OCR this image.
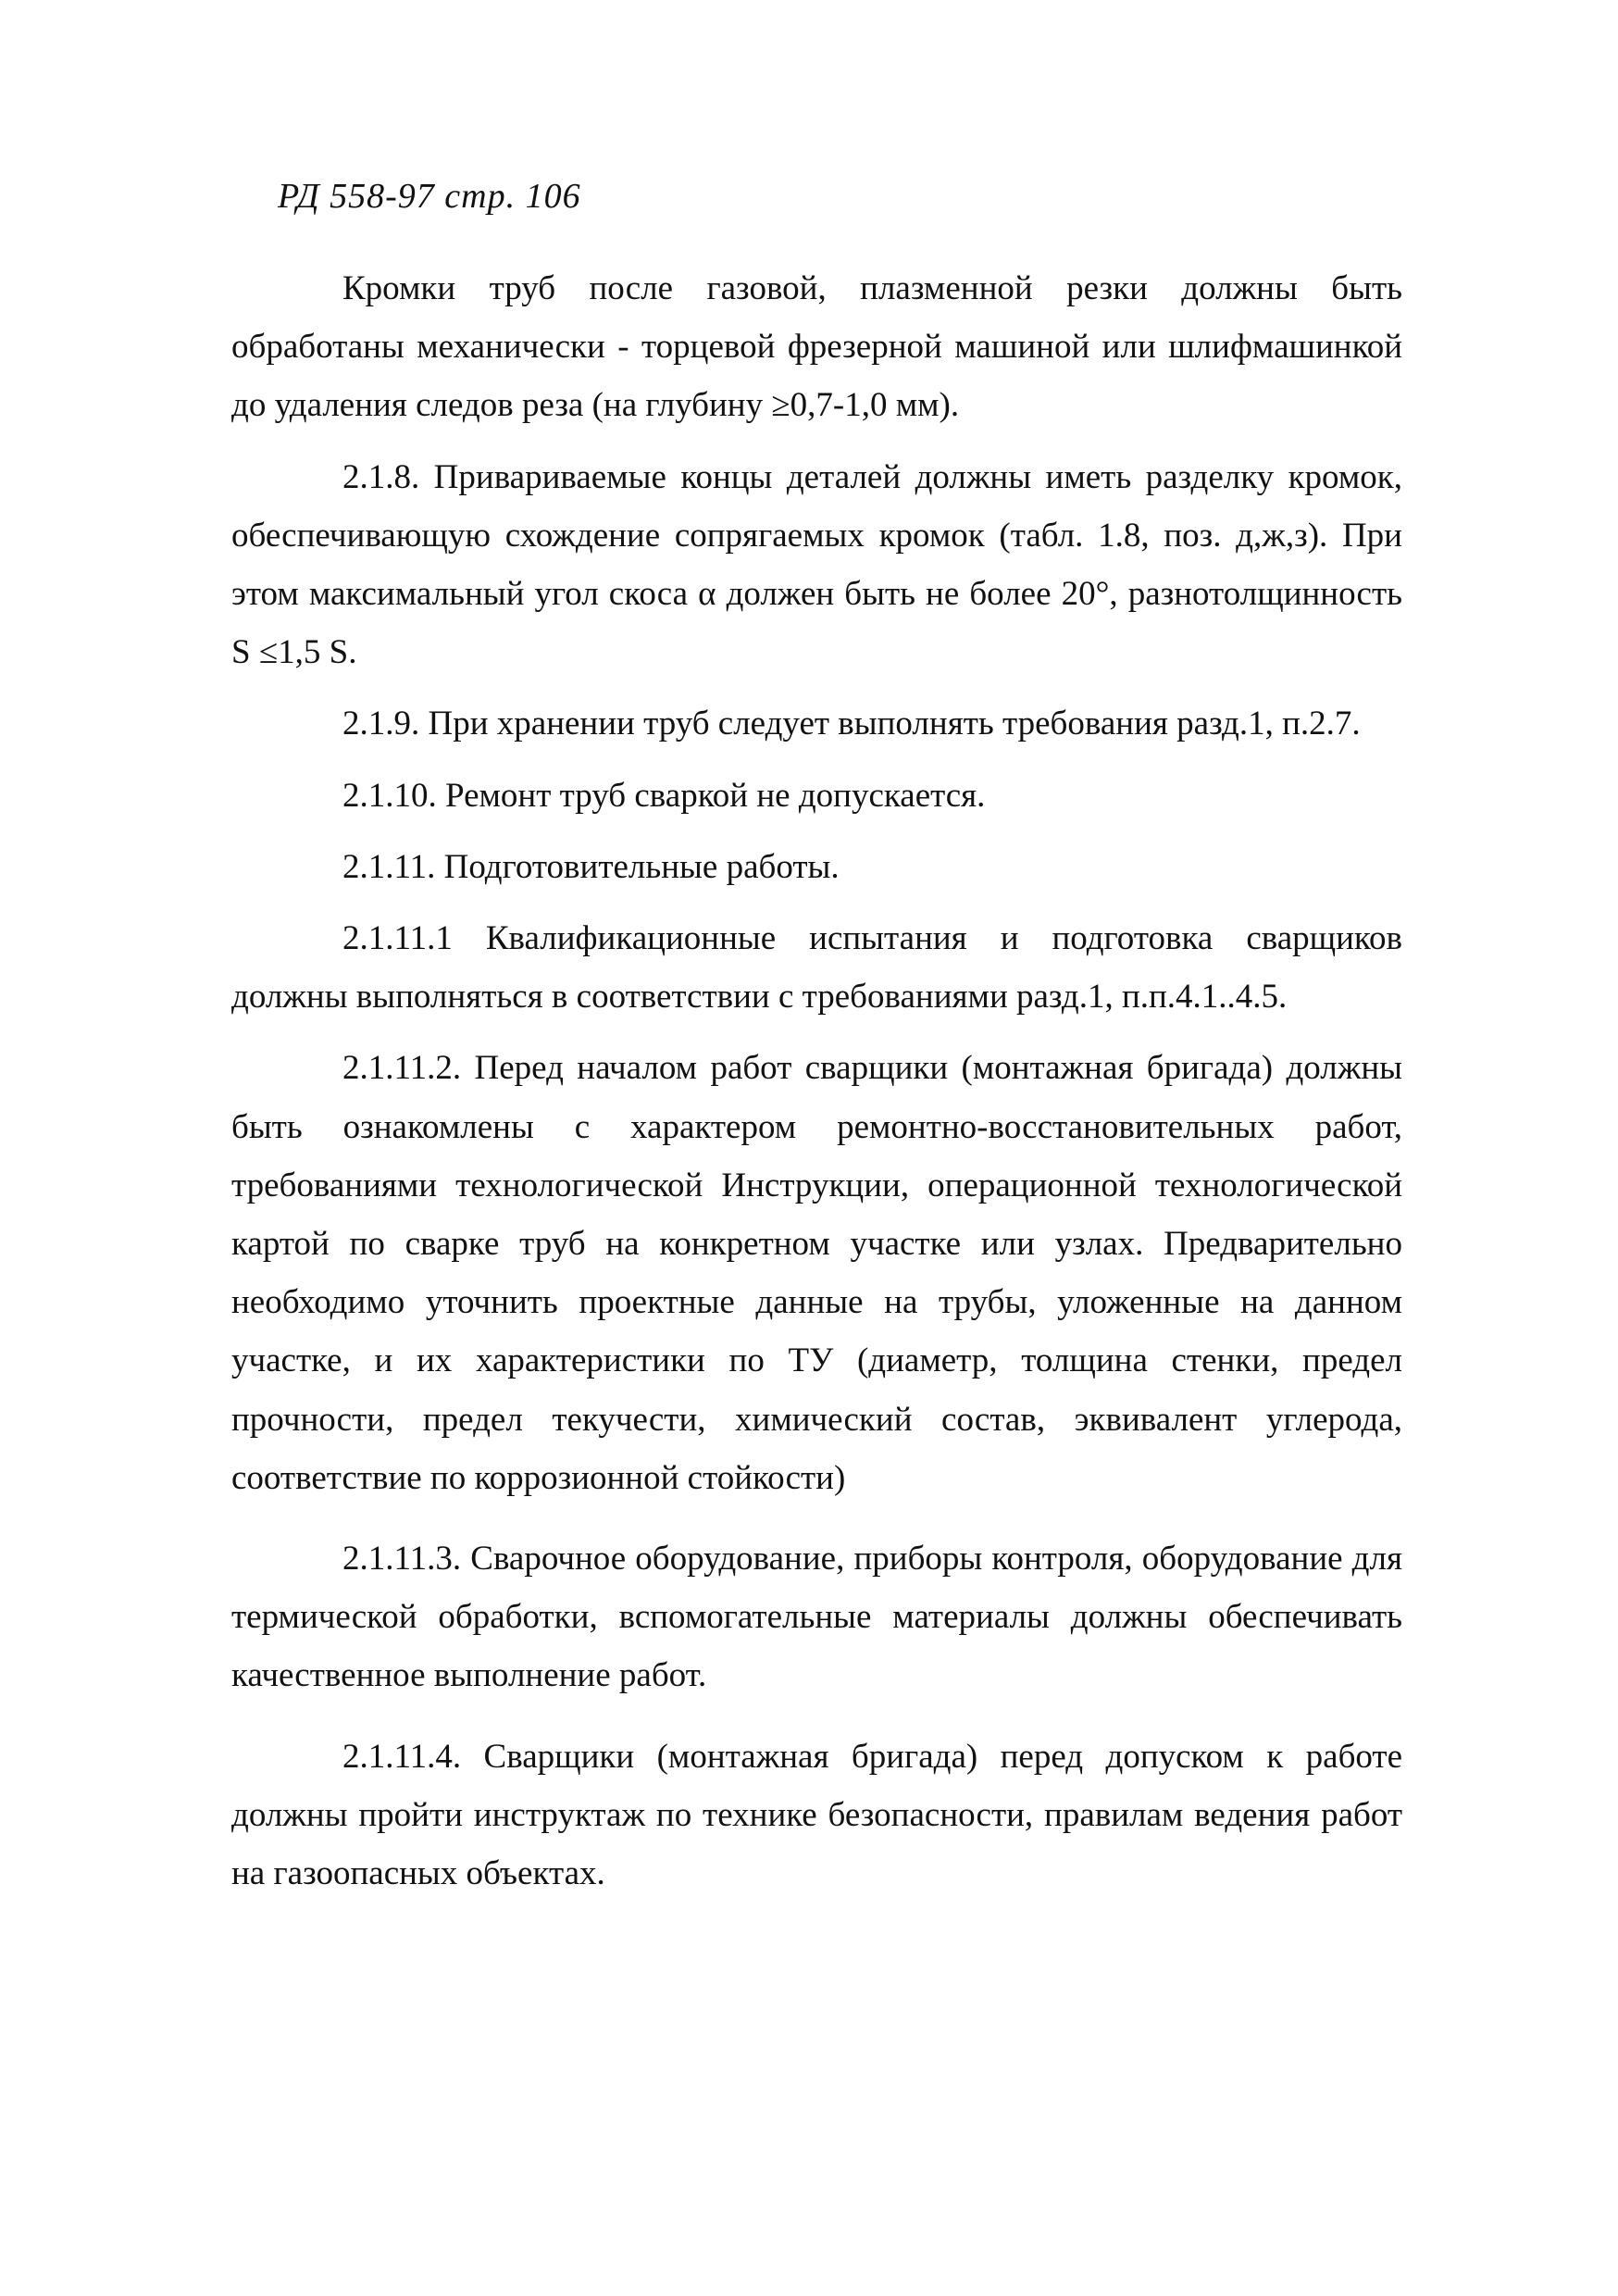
РД 558-97 стр. 106

Кромки труб после газовой, плазменной резки должны быть обработаны механически - торцевой фрезерной машиной или шлифмашинкой до удаления следов реза (на глубину ≥0,7-1,0 мм).

2.1.8. Привариваемые концы деталей должны иметь разделку кромок, обеспечивающую схождение сопрягаемых кромок (табл. 1.8, поз. д,ж,з). При этом максимальный угол скоса α должен быть не более 20°, разнотолщинность S ≤1,5 S.

2.1.9. При хранении труб следует выполнять требования разд.1, п.2.7.

2.1.10. Ремонт труб сваркой не допускается.

2.1.11. Подготовительные работы.

2.1.11.1 Квалификационные испытания и подготовка сварщиков должны выполняться в соответствии с требованиями разд.1, п.п.4.1..4.5.

2.1.11.2. Перед началом работ сварщики (монтажная бригада) должны быть ознакомлены с характером ремонтно-восстановительных работ, требованиями технологической Инструкции, операционной технологической картой по сварке труб на конкретном участке или узлах. Предварительно необходимо уточнить проектные данные на трубы, уложенные на данном участке, и их характеристики по ТУ (диаметр, толщина стенки, предел прочности, предел текучести, химический состав, эквивалент углерода, соответствие по коррозионной стойкости)

2.1.11.3. Сварочное оборудование, приборы контроля, оборудование для термической обработки, вспомогательные материалы должны обеспечивать качественное выполнение работ.

2.1.11.4. Сварщики (монтажная бригада) перед допуском к работе должны пройти инструктаж по технике безопасности, правилам ведения работ на газоопасных объектах.
